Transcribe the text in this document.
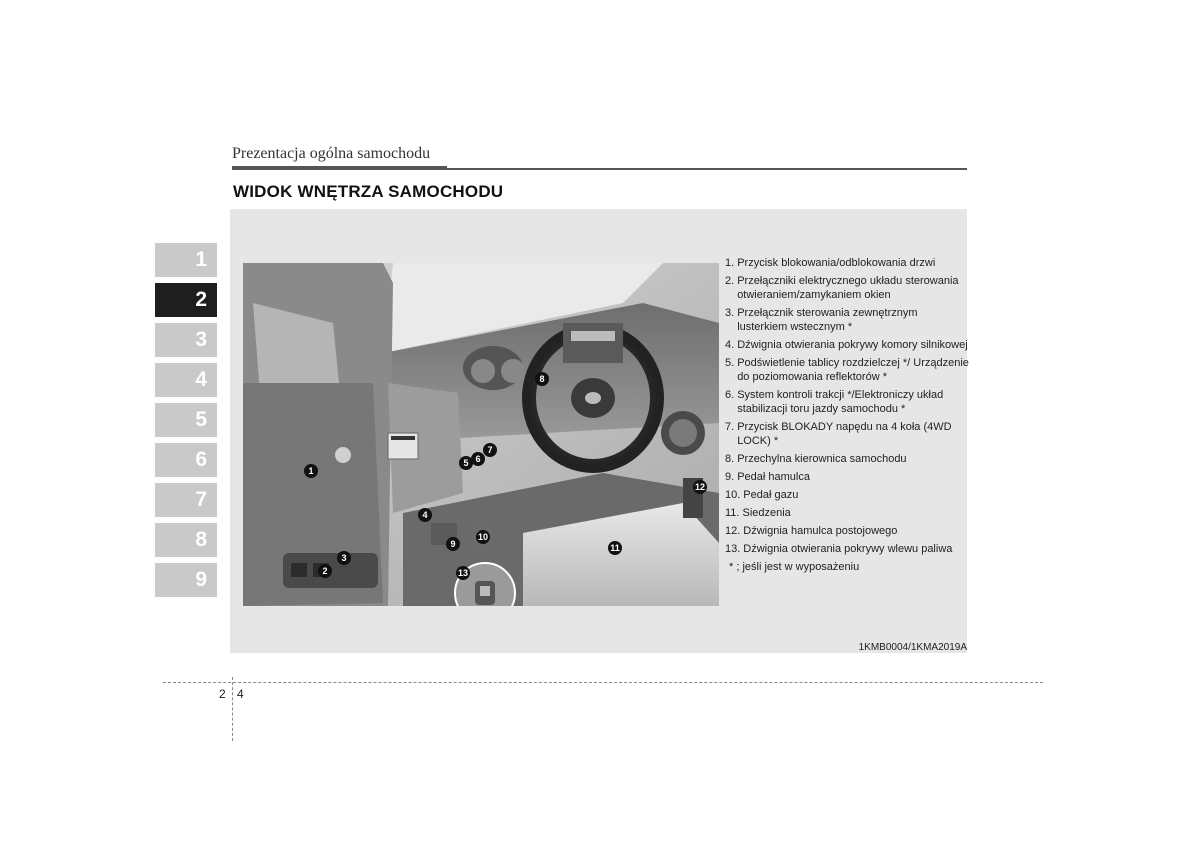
Prezentacja ogólna samochodu
WIDOK WNĘTRZA SAMOCHODU
1
2
3
4
5
6
7
8
9
1
2
3
4
5 6
7
8
9
10
11
12
13
1. Przycisk blokowania/odblokowania drzwi
2. Przełączniki elektrycznego układu sterowania otwieraniem/zamykaniem okien
3. Przełącznik sterowania zewnętrznym lusterkiem wstecznym *
4. Dźwignia otwierania pokrywy komory silnikowej
5. Podświetlenie tablicy rozdzielczej */ Urządzenie do poziomowania reflektorów *
6. System kontroli trakcji */Elektroniczy układ stabilizacji toru jazdy samochodu *
7. Przycisk BLOKADY napędu na 4 koła (4WD LOCK) *
8. Przechylna kierownica samochodu
9. Pedał hamulca
10. Pedał gazu
11. Siedzenia
12. Dźwignia hamulca postojowego
13. Dźwignia otwierania pokrywy wlewu paliwa
* ; jeśli jest w wyposażeniu
1KMB0004/1KMA2019A
2 4
